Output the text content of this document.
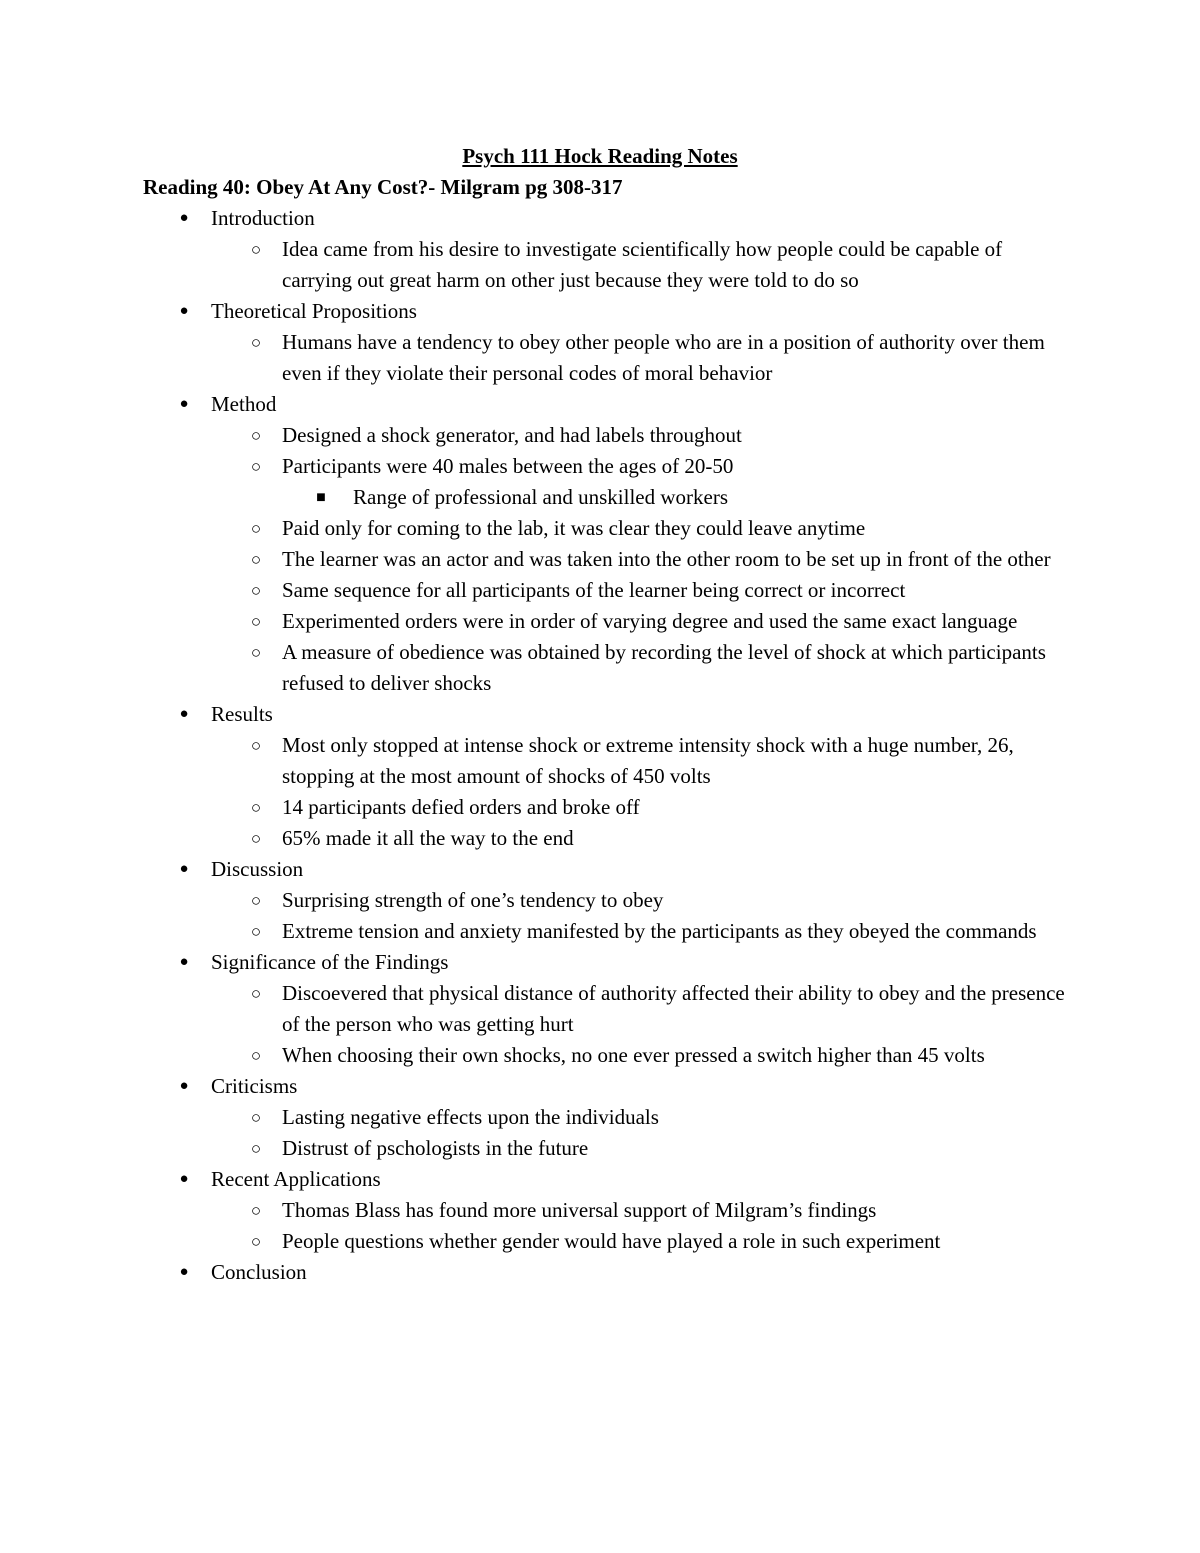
Psych 111 Hock Reading Notes
Reading 40: Obey At Any Cost?- Milgram pg 308-317
● Introduction
○ Idea came from his desire to investigate scientifically how people could be capable of carrying out great harm on other just because they were told to do so
● Theoretical Propositions
○ Humans have a tendency to obey other people who are in a position of authority over them even if they violate their personal codes of moral behavior
● Method
○ Designed a shock generator, and had labels throughout
○ Participants were 40 males between the ages of 20-50
■ Range of professional and unskilled workers
○ Paid only for coming to the lab, it was clear they could leave anytime
○ The learner was an actor and was taken into the other room to be set up in front of the other
○ Same sequence for all participants of the learner being correct or incorrect
○ Experimented orders were in order of varying degree and used the same exact language
○ A measure of obedience was obtained by recording the level of shock at which participants refused to deliver shocks
● Results
○ Most only stopped at intense shock or extreme intensity shock with a huge number, 26, stopping at the most amount of shocks of 450 volts
○ 14 participants defied orders and broke off
○ 65% made it all the way to the end
● Discussion
○ Surprising strength of one’s tendency to obey
○ Extreme tension and anxiety manifested by the participants as they obeyed the commands
● Significance of the Findings
○ Discoevered that physical distance of authority affected their ability to obey and the presence of the person who was getting hurt
○ When choosing their own shocks, no one ever pressed a switch higher than 45 volts
● Criticisms
○ Lasting negative effects upon the individuals
○ Distrust of pschologists in the future
● Recent Applications
○ Thomas Blass has found more universal support of Milgram’s findings
○ People questions whether gender would have played a role in such experiment
● Conclusion
